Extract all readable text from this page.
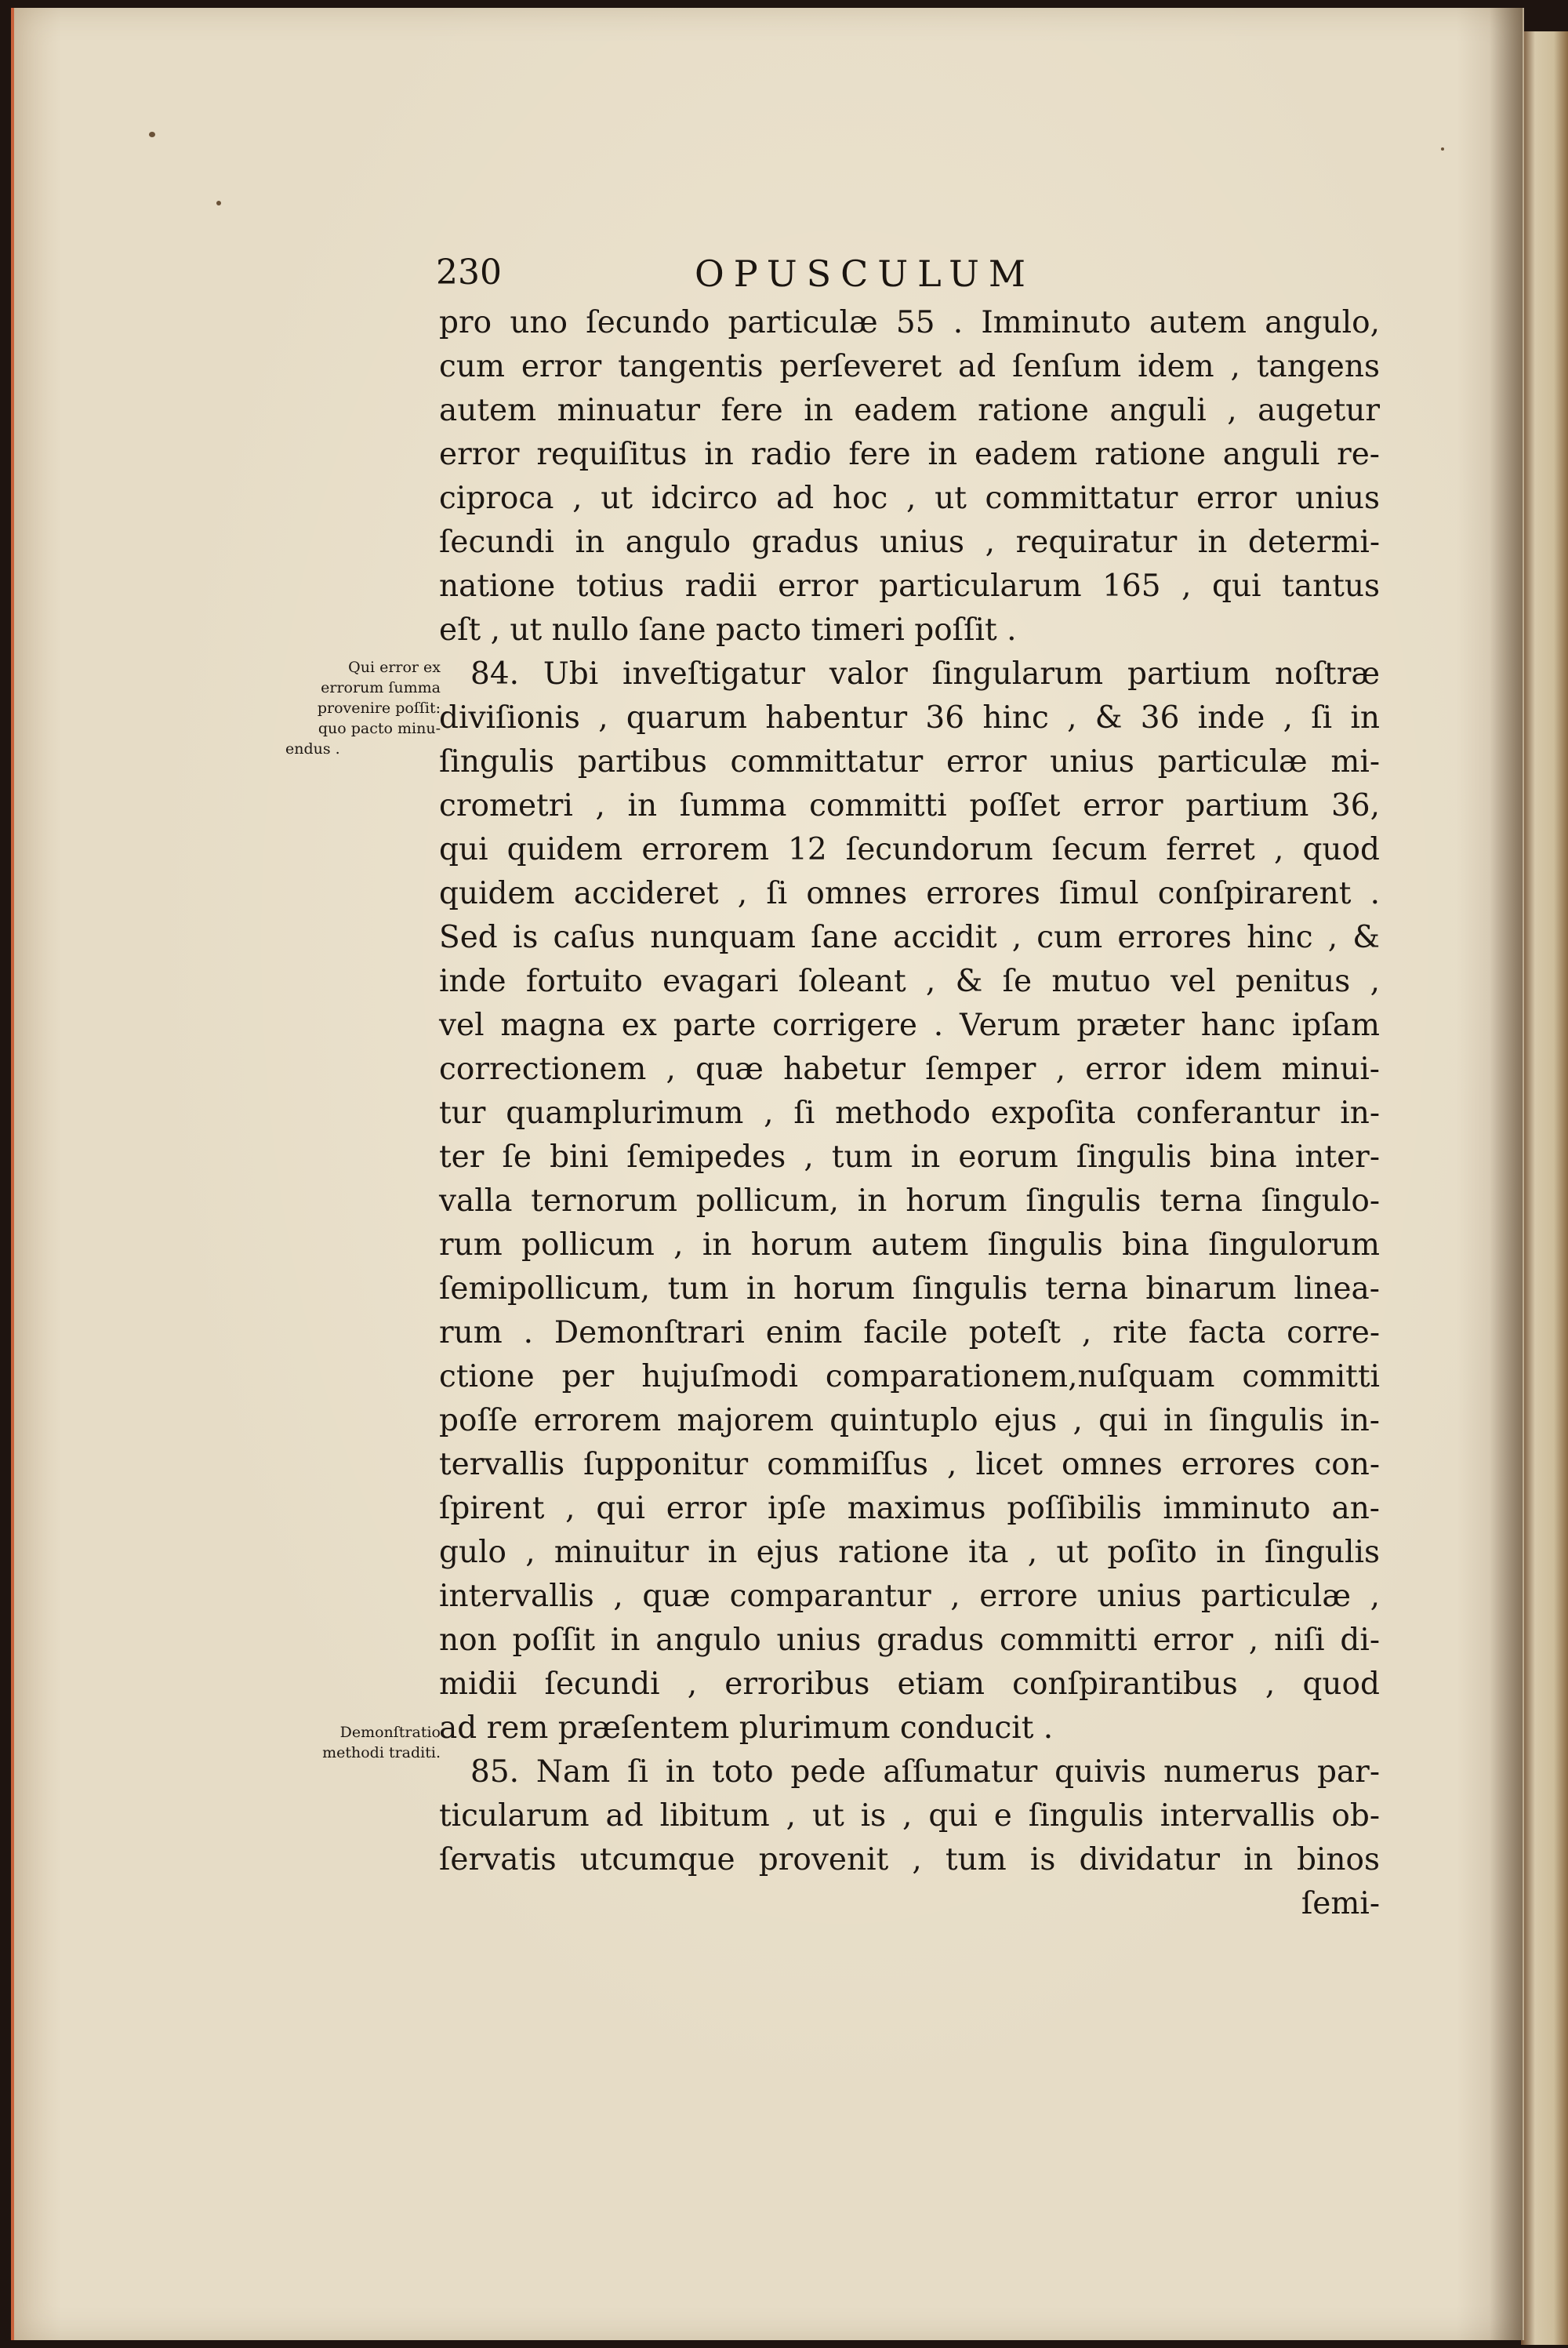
230	OPUSCULUM
Qui error ex
errorum ſumma
provenire poſſit:
quo pacto minu-
endus .
Demonſtratio
methodi traditi.
pro uno ſecundo particulæ 55 . Imminuto autem angulo,
cum error tangentis perſeveret ad ſenſum idem , tangens
autem minuatur fere in eadem ratione anguli , augetur
error requiſitus in radio fere in eadem ratione anguli re-
ciproca , ut idcirco ad hoc , ut committatur error unius
ſecundi in angulo gradus unius , requiratur in determi-
natione totius radii error particularum 165 , qui tantus
eſt , ut nullo ſane pacto timeri poſſit .
84. Ubi inveſtigatur valor ſingularum partium noſtræ
diviſionis , quarum habentur 36 hinc , & 36 inde , ſi in
ſingulis partibus committatur error unius particulæ mi-
crometri , in ſumma committi poſſet error partium 36,
qui quidem errorem 12 ſecundorum ſecum ferret , quod
quidem accideret , ſi omnes errores ſimul conſpirarent .
Sed is caſus nunquam ſane accidit , cum errores hinc , &
inde fortuito evagari ſoleant , & ſe mutuo vel penitus ,
vel magna ex parte corrigere . Verum præter hanc ipſam
correctionem , quæ habetur ſemper , error idem minui-
tur quamplurimum , ſi methodo expoſita conferantur in-
ter ſe bini ſemipedes , tum in eorum ſingulis bina inter-
valla ternorum pollicum, in horum ſingulis terna ſingulo-
rum pollicum , in horum autem ſingulis bina ſingulorum
ſemipollicum, tum in horum ſingulis terna binarum linea-
rum . Demonſtrari enim facile poteſt , rite facta corre-
ctione per hujuſmodi comparationem,nuſquam committi
poſſe errorem majorem quintuplo ejus , qui in ſingulis in-
tervallis ſupponitur commiſſus , licet omnes errores con-
ſpirent , qui error ipſe maximus poſſibilis imminuto an-
gulo , minuitur in ejus ratione ita , ut poſito in ſingulis
intervallis , quæ comparantur , errore unius particulæ ,
non poſſit in angulo unius gradus committi error , niſi di-
midii ſecundi , erroribus etiam conſpirantibus , quod
ad rem præſentem plurimum conducit .
85. Nam ſi in toto pede aſſumatur quivis numerus par-
ticularum ad libitum , ut is , qui e ſingulis intervallis ob-
ſervatis utcumque provenit , tum is dividatur in binos
ſemi-
